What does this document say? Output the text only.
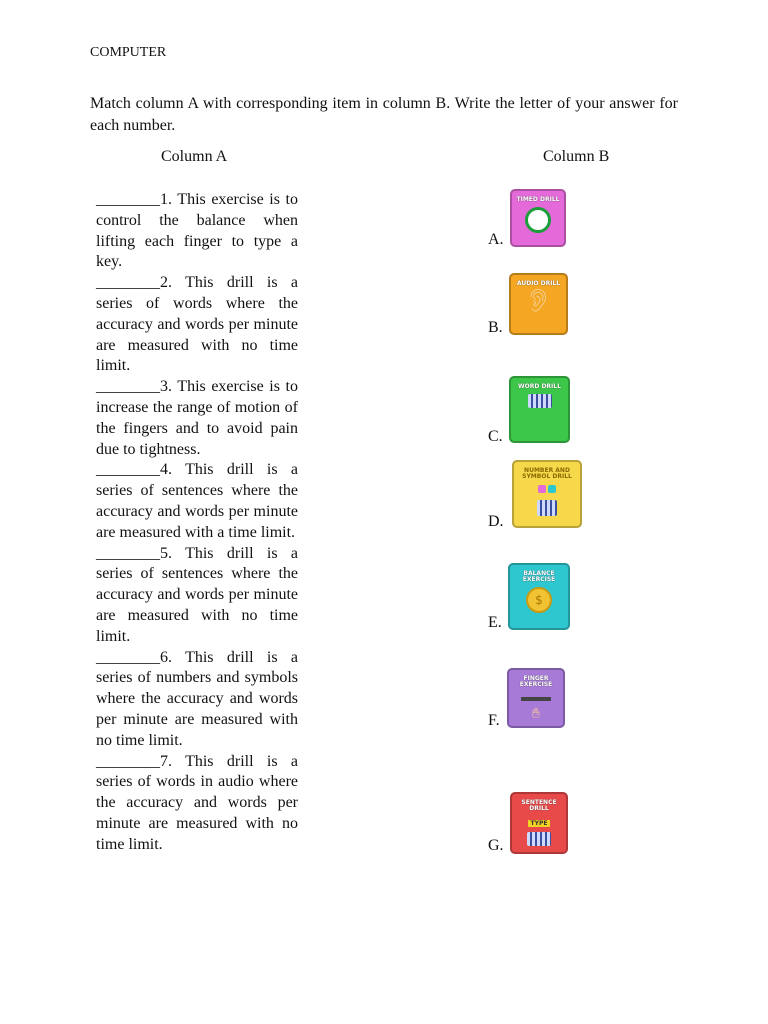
COMPUTER
Match column A with corresponding item in column B. Write the letter of your answer for each number.
Column A	Column B
________1. This exercise is to control the balance when lifting each finger to type a key.
________2. This drill is a series of words where the accuracy and words per minute are measured with no time limit.
________3. This exercise is to increase the range of motion of the fingers and to avoid pain due to tightness.
________4. This drill is a series of sentences where the accuracy and words per minute are measured with a time limit.
________5. This drill is a series of sentences where the accuracy and words per minute are measured with no time limit.
________6. This drill is a series of numbers and symbols where the accuracy and words per minute are measured with no time limit.
________7. This drill is a series of words in audio where the accuracy and words per minute are measured with no time limit.
A.
TIMED DRILL
B.
AUDIO DRILL
👂︎
C.
WORD DRILL
D.
NUMBER AND SYMBOL DRILL
E.
BALANCE EXERCISE
$
F.
FINGER EXERCISE
✋︎
G.
SENTENCE DRILL
TYPE
